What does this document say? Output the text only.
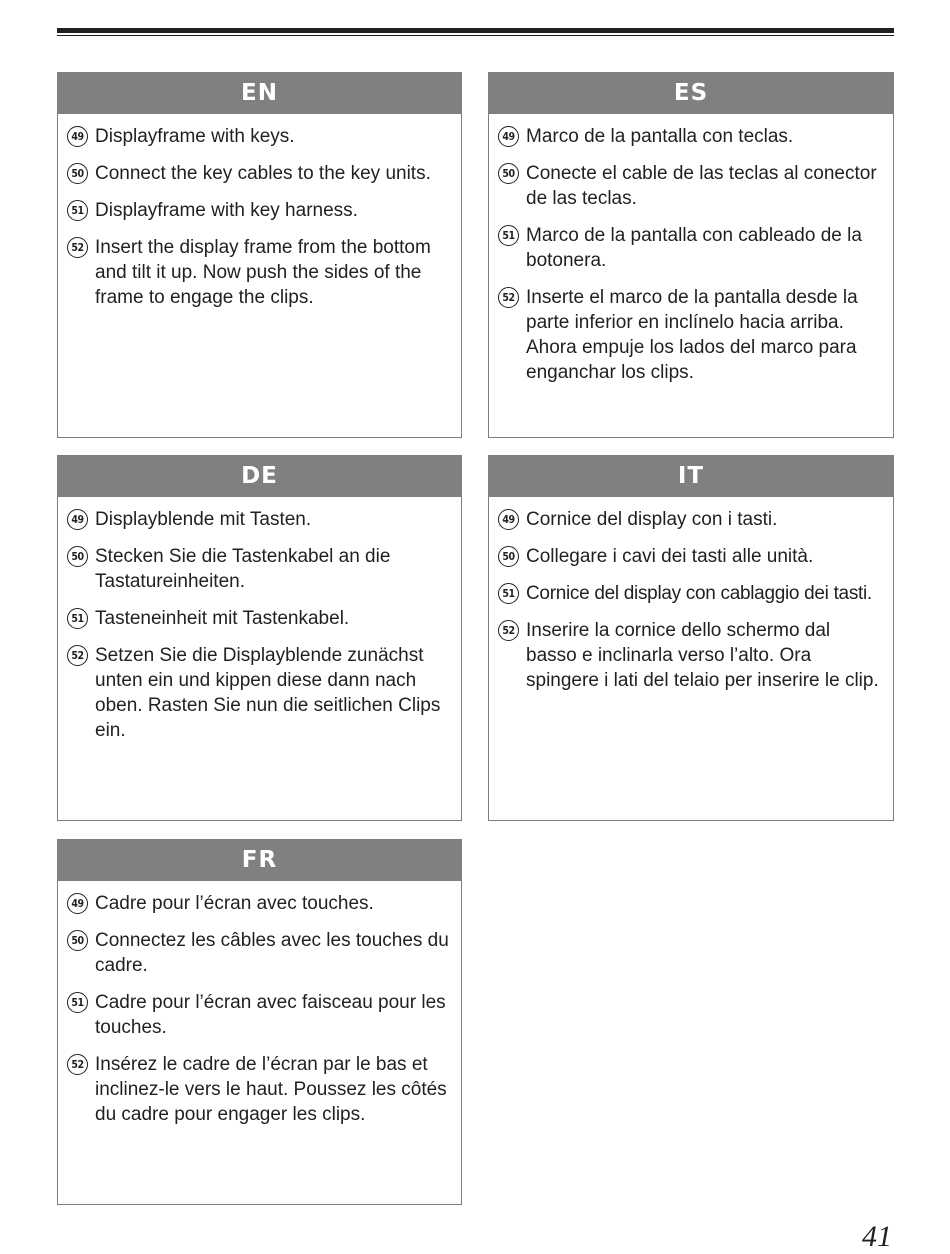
EN
49 Displayframe with keys.
50 Connect the key cables to the key units.
51 Displayframe with key harness.
52 Insert the display frame from the bottom and tilt it up. Now push the sides of the frame to engage the clips.
ES
49 Marco de la pantalla con teclas.
50 Conecte el cable de las teclas al conector de las teclas.
51 Marco de la pantalla con cableado de la botonera.
52 Inserte el marco de la pantalla desde la parte inferior en inclínelo hacia arriba. Ahora empuje los lados del marco para enganchar los clips.
DE
49 Displayblende mit Tasten.
50 Stecken Sie die Tastenkabel an die Tastatureinheiten.
51 Tasteneinheit mit Tastenkabel.
52 Setzen Sie die Displayblende zunächst unten ein und kippen diese dann nach oben. Rasten Sie nun die seitlichen Clips ein.
IT
49 Cornice del display con i tasti.
50 Collegare i cavi dei tasti alle unità.
51 Cornice del display con cablaggio dei tasti.
52 Inserire la cornice dello schermo dal basso e inclinarla verso l’alto. Ora spingere i lati del telaio per inserire le clip.
FR
49 Cadre pour l’écran avec touches.
50 Connectez les câbles avec les touches du cadre.
51 Cadre pour l’écran avec faisceau pour les touches.
52 Insérez le cadre de l’écran par le bas et inclinez-le vers le haut. Poussez les côtés du cadre pour engager les clips.
41
